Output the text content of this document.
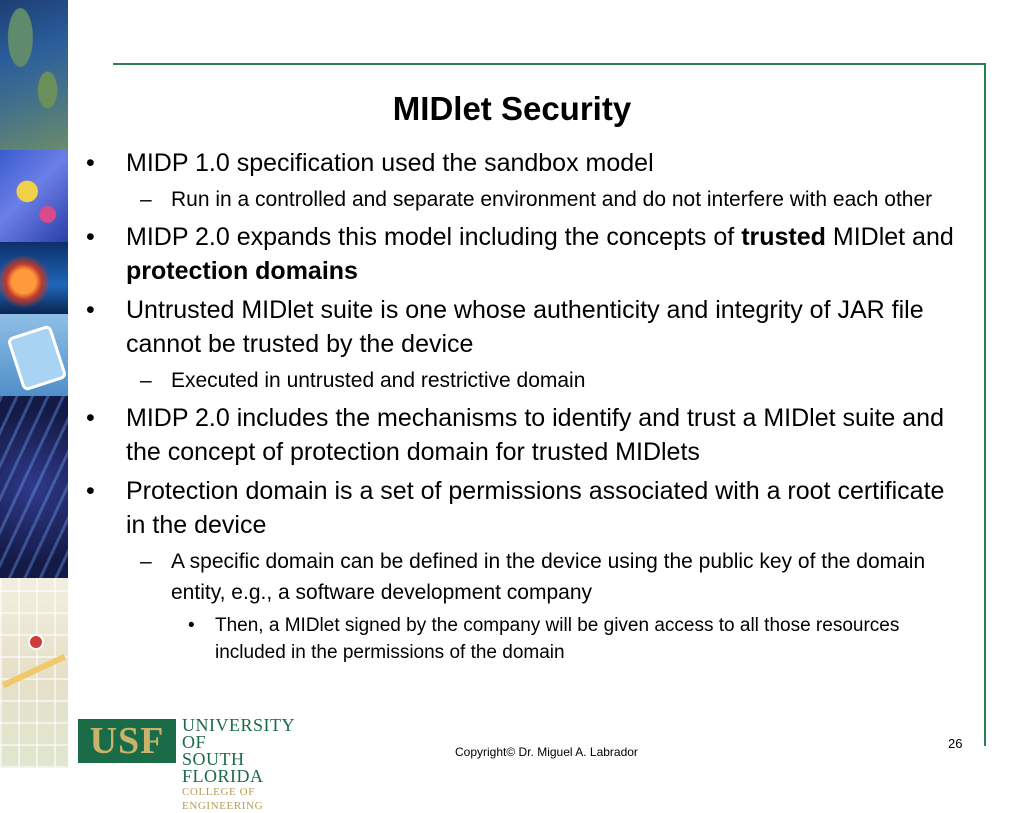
MIDlet Security
• MIDP 1.0 specification used the sandbox model
– Run in a controlled and separate environment and do not interfere with each other
• MIDP 2.0 expands this model including the concepts of trusted MIDlet and protection domains
• Untrusted MIDlet suite is one whose authenticity and integrity of JAR file cannot be trusted by the device
– Executed in untrusted and restrictive domain
• MIDP 2.0 includes the mechanisms to identify and trust a MIDlet suite and the concept of protection domain for trusted MIDlets
• Protection domain is a set of permissions associated with a root certificate in the device
– A specific domain can be defined in the device using the public key of the domain entity, e.g., a software development company
• Then, a MIDlet signed by the company will be given access to all those resources included in the permissions of the domain
USF UNIVERSITY OF
SOUTH FLORIDA
COLLEGE OF ENGINEERING
Copyright© Dr. Miguel A. Labrador
26
